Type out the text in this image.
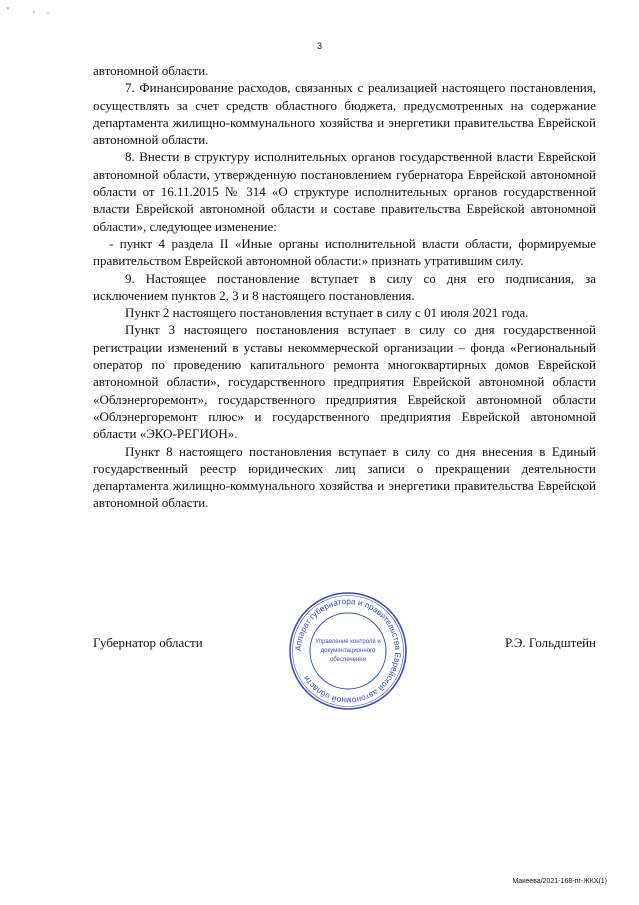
3

автономной области.

7. Финансирование расходов, связанных с реализацией настоящего постановления, осуществлять за счет средств областного бюджета, предусмотренных на содержание департамента жилищно-коммунального хозяйства и энергетики правительства Еврейской автономной области.

8. Внести в структуру исполнительных органов государственной власти Еврейской автономной области, утвержденную постановлением губернатора Еврейской автономной области от 16.11.2015 № 314 «О структуре исполнительных органов государственной власти Еврейской автономной области и составе правительства Еврейской автономной области», следующее изменение:

- пункт 4 раздела II «Иные органы исполнительной власти области, формируемые правительством Еврейской автономной области:» признать утратившим силу.

9. Настоящее постановление вступает в силу со дня его подписания, за исключением пунктов 2, 3 и 8 настоящего постановления.

Пункт 2 настоящего постановления вступает в силу с 01 июля 2021 года.

Пункт 3 настоящего постановления вступает в силу со дня государственной регистрации изменений в уставы некоммерческой организации – фонда «Региональный оператор по проведению капитального ремонта многоквартирных домов Еврейской автономной области», государственного предприятия Еврейской автономной области «Облэнергоремонт», государственного предприятия Еврейской автономной области «Облэнергоремонт плюс» и государственного предприятия Еврейской автономной области «ЭКО-РЕГИОН».

Пункт 8 настоящего постановления вступает в силу со дня внесения в Единый государственный реестр юридических лиц записи о прекращении деятельности департамента жилищно-коммунального хозяйства и энергетики правительства Еврейской автономной области.

Губернатор области	Р.Э. Гольдштейн
Аппарат губернатора и правительства Еврейской автономной области
Управление контроля и
документационного
обеспечения
Макеева/2021-168-пг-ЖКХ(1)
